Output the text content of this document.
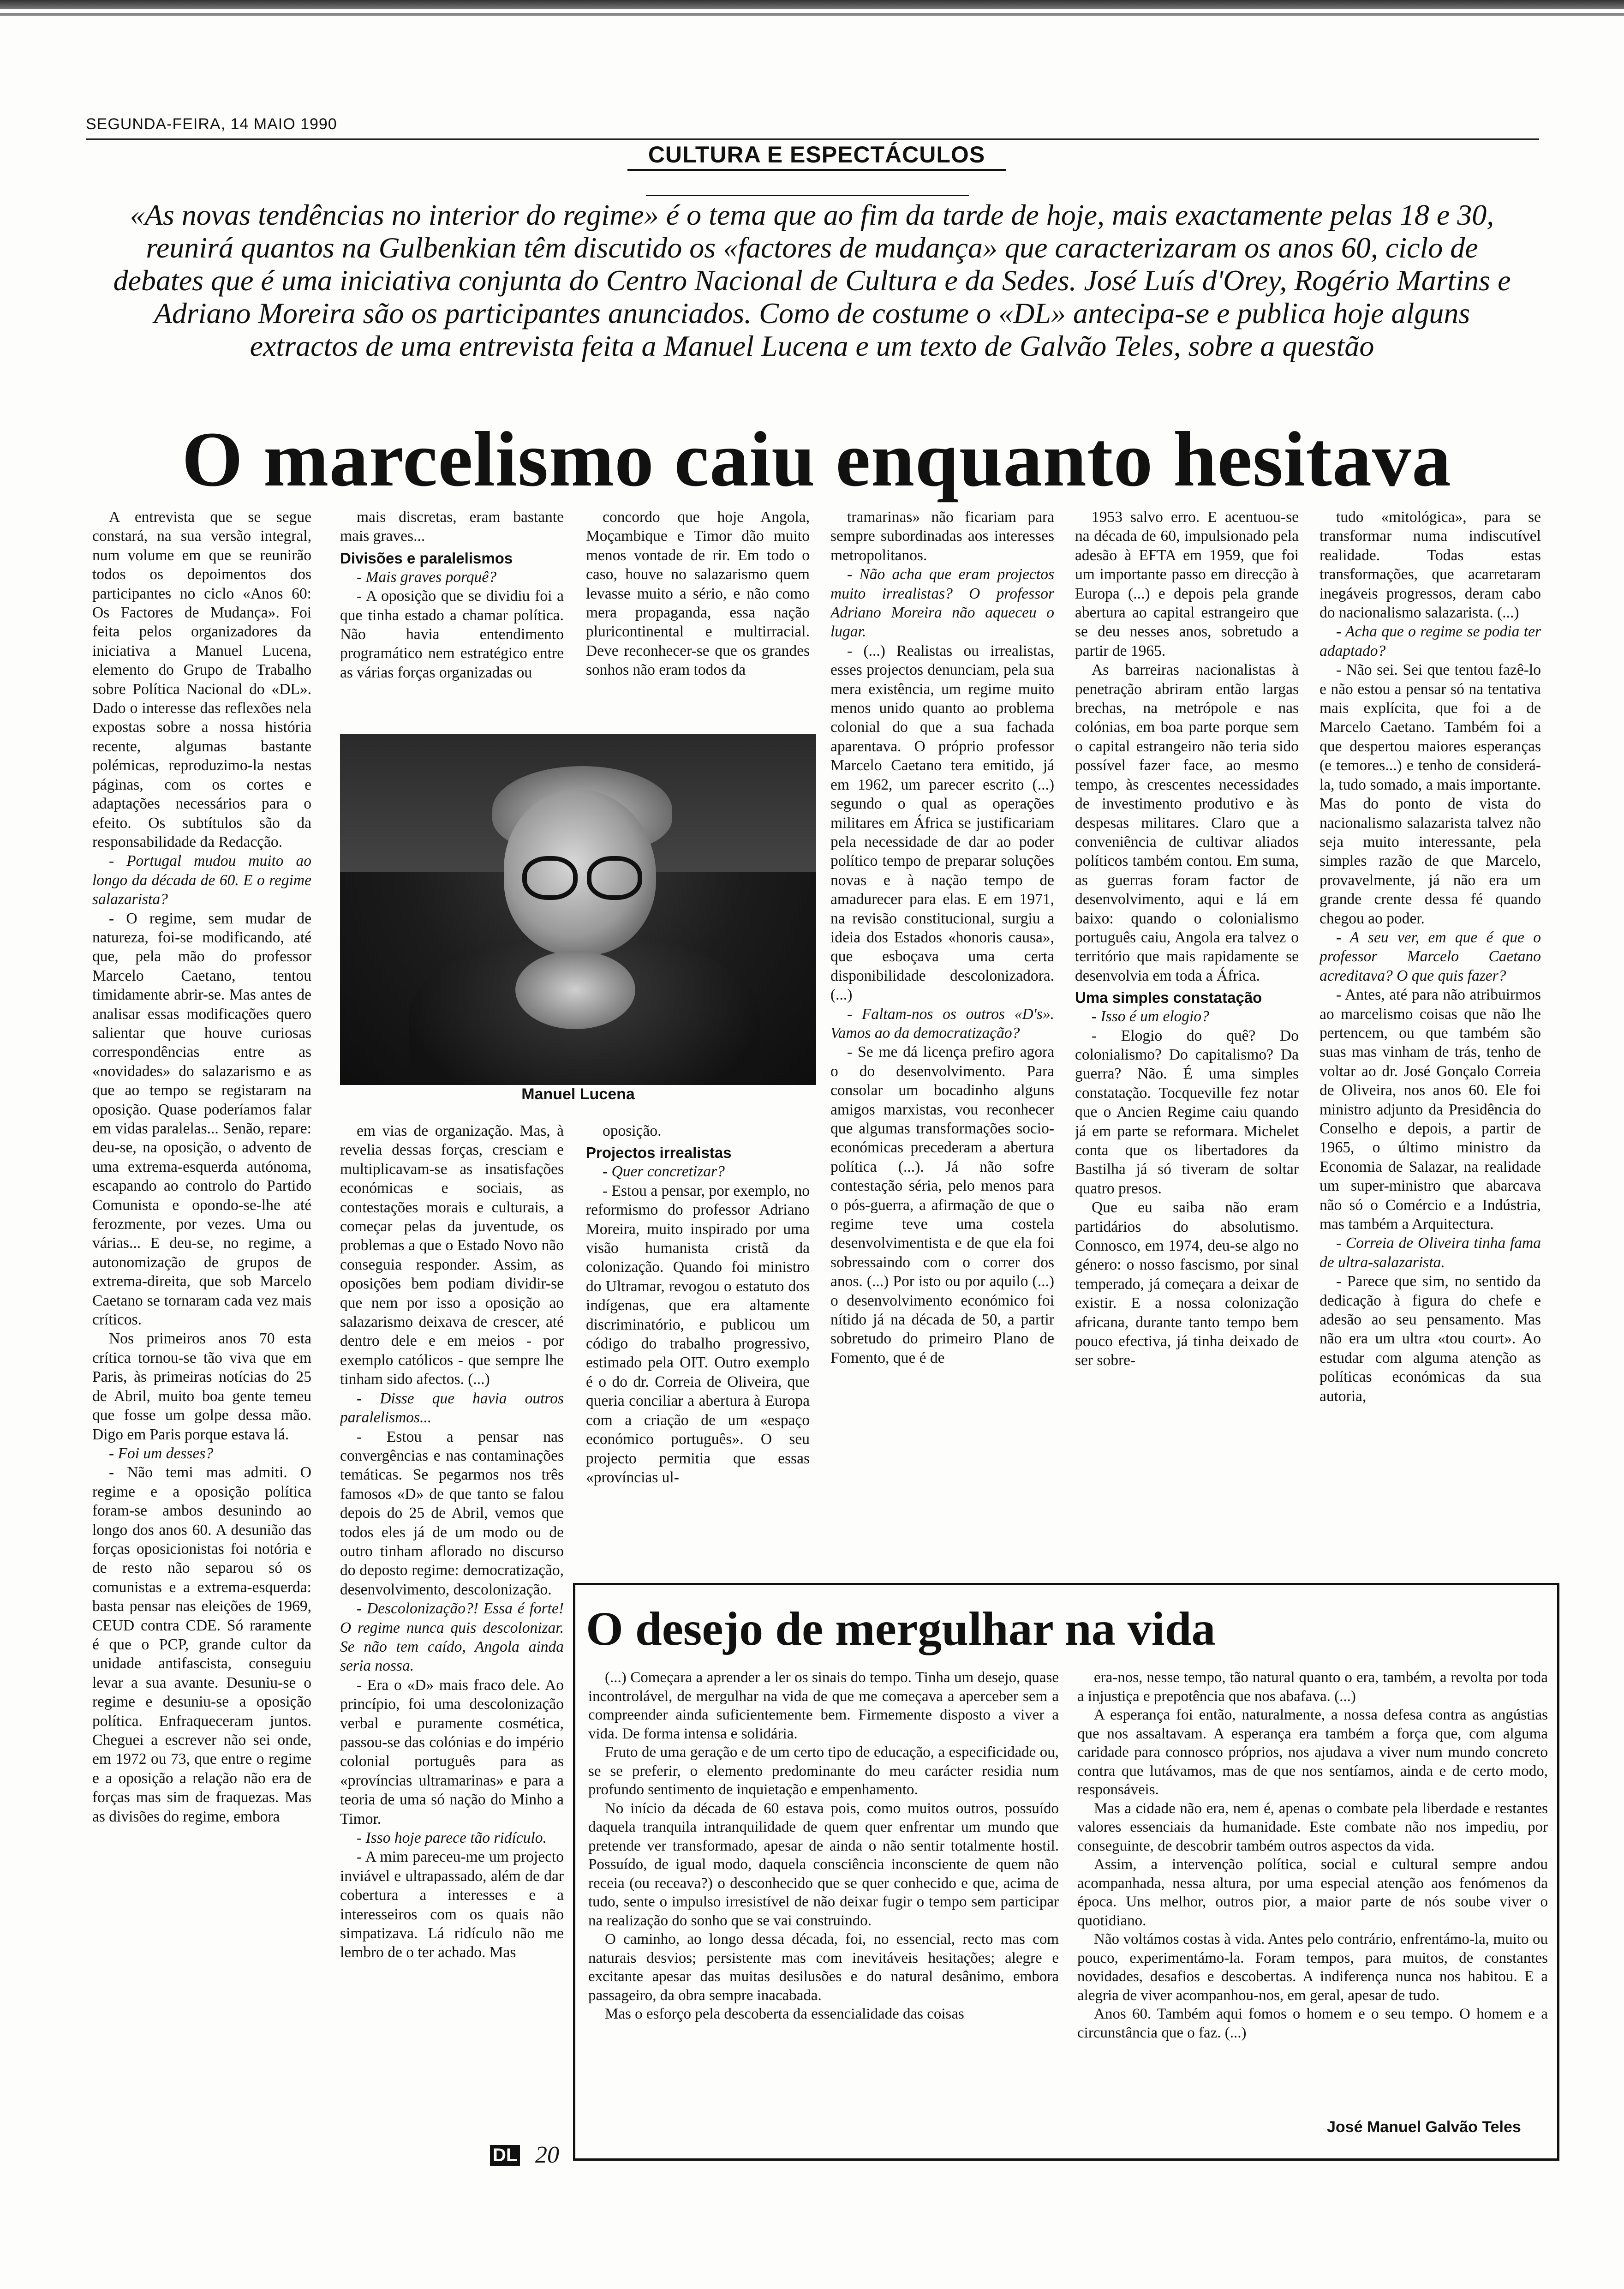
SEGUNDA-FEIRA, 14 MAIO 1990
CULTURA E ESPECTÁCULOS
«As novas tendências no interior do regime» é o tema que ao fim da tarde de hoje, mais exactamente pelas 18 e 30, reunirá quantos na Gulbenkian têm discutido os «factores de mudança» que caracterizaram os anos 60, ciclo de debates que é uma iniciativa conjunta do Centro Nacional de Cultura e da Sedes. José Luís d'Orey, Rogério Martins e Adriano Moreira são os participantes anunciados. Como de costume o «DL» antecipa-se e publica hoje alguns extractos de uma entrevista feita a Manuel Lucena e um texto de Galvão Teles, sobre a questão
O marcelismo caiu enquanto hesitava

A entrevista que se segue constará, na sua versão integral, num volume em que se reunirão todos os depoimentos dos participantes no ciclo «Anos 60: Os Factores de Mudança». Foi feita pelos organizadores da iniciativa a Manuel Lucena, elemento do Grupo de Trabalho sobre Política Nacional do «DL». Dado o interesse das reflexões nela expostas sobre a nossa história recente, algumas bastante polémicas, reproduzimo-la nestas páginas, com os cortes e adaptações necessários para o efeito. Os subtítulos são da responsabilidade da Redacção.

- Portugal mudou muito ao longo da década de 60. E o regime salazarista?

- O regime, sem mudar de natureza, foi-se modificando, até que, pela mão do professor Marcelo Caetano, tentou timidamente abrir-se. Mas antes de analisar essas modificações quero salientar que houve curiosas correspondências entre as «novidades» do salazarismo e as que ao tempo se registaram na oposição. Quase poderíamos falar em vidas paralelas... Senão, repare: deu-se, na oposição, o advento de uma extrema-esquerda autónoma, escapando ao controlo do Partido Comunista e opondo-se-lhe até ferozmente, por vezes. Uma ou várias... E deu-se, no regime, a autonomização de grupos de extrema-direita, que sob Marcelo Caetano se tornaram cada vez mais críticos.

Nos primeiros anos 70 esta crítica tornou-se tão viva que em Paris, às primeiras notícias do 25 de Abril, muito boa gente temeu que fosse um golpe dessa mão. Digo em Paris porque estava lá.

- Foi um desses?

- Não temi mas admiti. O regime e a oposição política foram-se ambos desunindo ao longo dos anos 60. A desunião das forças oposicionistas foi notória e de resto não separou só os comunistas e a extrema-esquerda: basta pensar nas eleições de 1969, CEUD contra CDE. Só raramente é que o PCP, grande cultor da unidade antifascista, conseguiu levar a sua avante. Desuniu-se o regime e desuniu-se a oposição política. Enfraqueceram juntos. Cheguei a escrever não sei onde, em 1972 ou 73, que entre o regime e a oposição a relação não era de forças mas sim de fraquezas. Mas as divisões do regime, embora

mais discretas, eram bastante mais graves...

Divisões e paralelismos

- Mais graves porquê?

- A oposição que se dividiu foi a que tinha estado a chamar política. Não havia entendimento programático nem estratégico entre as várias forças organizadas ou

concordo que hoje Angola, Moçambique e Timor dão muito menos vontade de rir. Em todo o caso, houve no salazarismo quem levasse muito a sério, e não como mera propaganda, essa nação pluricontinental e multirracial. Deve reconhecer-se que os grandes sonhos não eram todos da

Manuel Lucena

em vias de organização. Mas, à revelia dessas forças, cresciam e multiplicavam-se as insatisfações económicas e sociais, as contestações morais e culturais, a começar pelas da juventude, os problemas a que o Estado Novo não conseguia responder. Assim, as oposições bem podiam dividir-se que nem por isso a oposição ao salazarismo deixava de crescer, até dentro dele e em meios - por exemplo católicos - que sempre lhe tinham sido afectos. (...)

- Disse que havia outros paralelismos...

- Estou a pensar nas convergências e nas contaminações temáticas. Se pegarmos nos três famosos «D» de que tanto se falou depois do 25 de Abril, vemos que todos eles já de um modo ou de outro tinham aflorado no discurso do deposto regime: democratização, desenvolvimento, descolonização.

- Descolonização?! Essa é forte! O regime nunca quis descolonizar. Se não tem caído, Angola ainda seria nossa.

- Era o «D» mais fraco dele. Ao princípio, foi uma descolonização verbal e puramente cosmética, passou-se das colónias e do império colonial português para as «províncias ultramarinas» e para a teoria de uma só nação do Minho a Timor.

- Isso hoje parece tão ridículo.

- A mim pareceu-me um projecto inviável e ultrapassado, além de dar cobertura a interesses e a interesseiros com os quais não simpatizava. Lá ridículo não me lembro de o ter achado. Mas

oposição.

Projectos irrealistas

- Quer concretizar?

- Estou a pensar, por exemplo, no reformismo do professor Adriano Moreira, muito inspirado por uma visão humanista cristã da colonização. Quando foi ministro do Ultramar, revogou o estatuto dos indígenas, que era altamente discriminatório, e publicou um código do trabalho progressivo, estimado pela OIT. Outro exemplo é o do dr. Correia de Oliveira, que queria conciliar a abertura à Europa com a criação de um «espaço económico português». O seu projecto permitia que essas «províncias ul-

tramarinas» não ficariam para sempre subordinadas aos interesses metropolitanos.

- Não acha que eram projectos muito irrealistas? O professor Adriano Moreira não aqueceu o lugar.

- (...) Realistas ou irrealistas, esses projectos denunciam, pela sua mera existência, um regime muito menos unido quanto ao problema colonial do que a sua fachada aparentava. O próprio professor Marcelo Caetano tera emitido, já em 1962, um parecer escrito (...) segundo o qual as operações militares em África se justificariam pela necessidade de dar ao poder político tempo de preparar soluções novas e à nação tempo de amadurecer para elas. E em 1971, na revisão constitucional, surgiu a ideia dos Estados «honoris causa», que esboçava uma certa disponibilidade descolonizadora. (...)

- Faltam-nos os outros «D's». Vamos ao da democratização?

- Se me dá licença prefiro agora o do desenvolvimento. Para consolar um bocadinho alguns amigos marxistas, vou reconhecer que algumas transformações socio-económicas precederam a abertura política (...). Já não sofre contestação séria, pelo menos para o pós-guerra, a afirmação de que o regime teve uma costela desenvolvimentista e de que ela foi sobressaindo com o correr dos anos. (...) Por isto ou por aquilo (...) o desenvolvimento económico foi nítido já na década de 50, a partir sobretudo do primeiro Plano de Fomento, que é de

1953 salvo erro. E acentuou-se na década de 60, impulsionado pela adesão à EFTA em 1959, que foi um importante passo em direcção à Europa (...) e depois pela grande abertura ao capital estrangeiro que se deu nesses anos, sobretudo a partir de 1965.

As barreiras nacionalistas à penetração abriram então largas brechas, na metrópole e nas colónias, em boa parte porque sem o capital estrangeiro não teria sido possível fazer face, ao mesmo tempo, às crescentes necessidades de investimento produtivo e às despesas militares. Claro que a conveniência de cultivar aliados políticos também contou. Em suma, as guerras foram factor de desenvolvimento, aqui e lá em baixo: quando o colonialismo português caiu, Angola era talvez o território que mais rapidamente se desenvolvia em toda a África.

Uma simples constatação

- Isso é um elogio?

- Elogio do quê? Do colonialismo? Do capitalismo? Da guerra? Não. É uma simples constatação. Tocqueville fez notar que o Ancien Regime caiu quando já em parte se reformara. Michelet conta que os libertadores da Bastilha já só tiveram de soltar quatro presos.

Que eu saiba não eram partidários do absolutismo. Connosco, em 1974, deu-se algo no género: o nosso fascismo, por sinal temperado, já começara a deixar de existir. E a nossa colonização africana, durante tanto tempo bem pouco efectiva, já tinha deixado de ser sobre-

tudo «mitológica», para se transformar numa indiscutível realidade. Todas estas transformações, que acarretaram inegáveis progressos, deram cabo do nacionalismo salazarista. (...)

- Acha que o regime se podia ter adaptado?

- Não sei. Sei que tentou fazê-lo e não estou a pensar só na tentativa mais explícita, que foi a de Marcelo Caetano. Também foi a que despertou maiores esperanças (e temores...) e tenho de considerá-la, tudo somado, a mais importante. Mas do ponto de vista do nacionalismo salazarista talvez não seja muito interessante, pela simples razão de que Marcelo, provavelmente, já não era um grande crente dessa fé quando chegou ao poder.

- A seu ver, em que é que o professor Marcelo Caetano acreditava? O que quis fazer?

- Antes, até para não atribuirmos ao marcelismo coisas que não lhe pertencem, ou que também são suas mas vinham de trás, tenho de voltar ao dr. José Gonçalo Correia de Oliveira, nos anos 60. Ele foi ministro adjunto da Presidência do Conselho e depois, a partir de 1965, o último ministro da Economia de Salazar, na realidade um super-ministro que abarcava não só o Comércio e a Indústria, mas também a Arquitectura.

- Correia de Oliveira tinha fama de ultra-salazarista.

- Parece que sim, no sentido da dedicação à figura do chefe e adesão ao seu pensamento. Mas não era um ultra «tou court». Ao estudar com alguma atenção as políticas económicas da sua autoria,

O desejo de mergulhar na vida

(...) Começara a aprender a ler os sinais do tempo. Tinha um desejo, quase incontrolável, de mergulhar na vida de que me começava a aperceber sem a compreender ainda suficientemente bem. Firmemente disposto a viver a vida. De forma intensa e solidária.

Fruto de uma geração e de um certo tipo de educação, a especificidade ou, se se preferir, o elemento predominante do meu carácter residia num profundo sentimento de inquietação e empenhamento.

No início da década de 60 estava pois, como muitos outros, possuído daquela tranquila intranquilidade de quem quer enfrentar um mundo que pretende ver transformado, apesar de ainda o não sentir totalmente hostil. Possuído, de igual modo, daquela consciência inconsciente de quem não receia (ou receava?) o desconhecido que se quer conhecido e que, acima de tudo, sente o impulso irresistível de não deixar fugir o tempo sem participar na realização do sonho que se vai construindo.

O caminho, ao longo dessa década, foi, no essencial, recto mas com naturais desvios; persistente mas com inevitáveis hesitações; alegre e excitante apesar das muitas desilusões e do natural desânimo, embora passageiro, da obra sempre inacabada.

Mas o esforço pela descoberta da essencialidade das coisas

era-nos, nesse tempo, tão natural quanto o era, também, a revolta por toda a injustiça e prepotência que nos abafava. (...)

A esperança foi então, naturalmente, a nossa defesa contra as angústias que nos assaltavam. A esperança era também a força que, com alguma caridade para connosco próprios, nos ajudava a viver num mundo concreto contra que lutávamos, mas de que nos sentíamos, ainda e de certo modo, responsáveis.

Mas a cidade não era, nem é, apenas o combate pela liberdade e restantes valores essenciais da humanidade. Este combate não nos impediu, por conseguinte, de descobrir também outros aspectos da vida.

Assim, a intervenção política, social e cultural sempre andou acompanhada, nessa altura, por uma especial atenção aos fenómenos da época. Uns melhor, outros pior, a maior parte de nós soube viver o quotidiano.

Não voltámos costas à vida. Antes pelo contrário, enfrentámo-la, muito ou pouco, experimentámo-la. Foram tempos, para muitos, de constantes novidades, desafios e descobertas. A indiferença nunca nos habitou. E a alegria de viver acompanhou-nos, em geral, apesar de tudo.

Anos 60. Também aqui fomos o homem e o seu tempo. O homem e a circunstância que o faz. (...)

José Manuel Galvão Teles
DL 20
